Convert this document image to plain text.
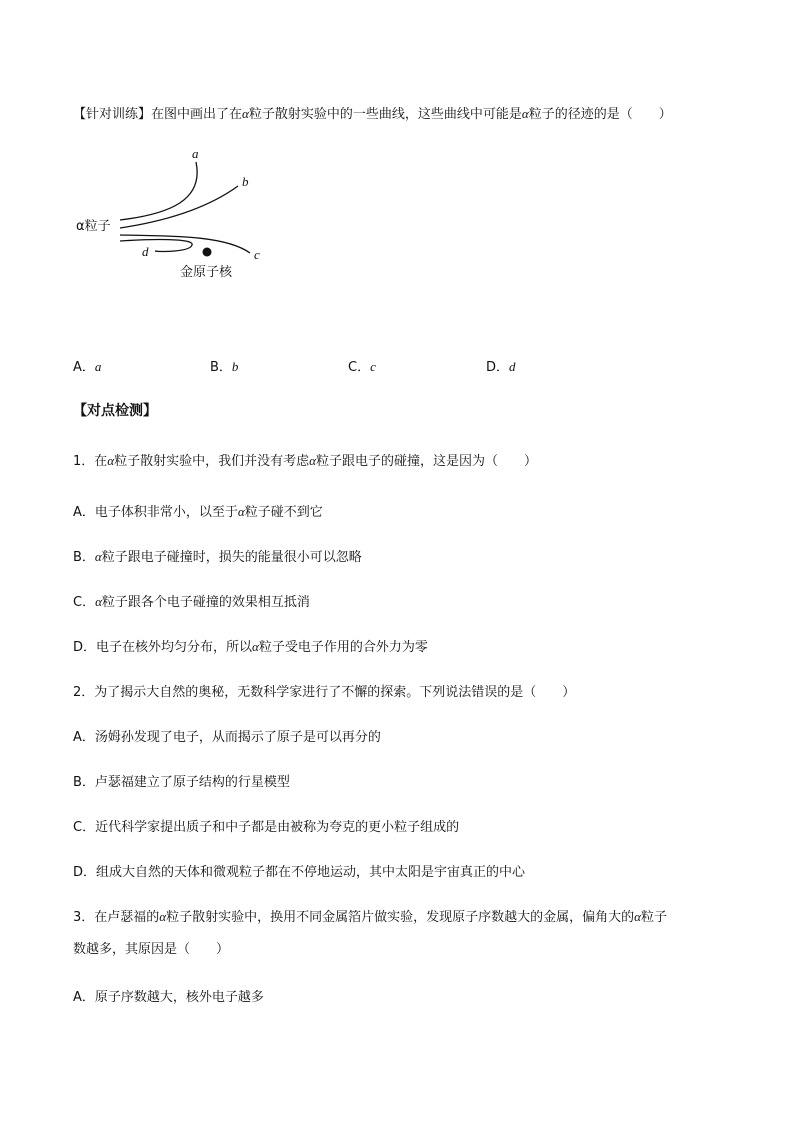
【针对训练】在图中画出了在α粒子散射实验中的一些曲线，这些曲线中可能是α粒子的径迹的是（　　）
a
b
c
d
α粒子
金原子核
A．a	B．b	C．c	D．d
【对点检测】
1．在α粒子散射实验中，我们并没有考虑α粒子跟电子的碰撞，这是因为（　　）
A．电子体积非常小，以至于α粒子碰不到它
B．α粒子跟电子碰撞时，损失的能量很小可以忽略
C．α粒子跟各个电子碰撞的效果相互抵消
D．电子在核外均匀分布，所以α粒子受电子作用的合外力为零
2．为了揭示大自然的奥秘，无数科学家进行了不懈的探索。下列说法错误的是（　　）
A．汤姆孙发现了电子，从而揭示了原子是可以再分的
B．卢瑟福建立了原子结构的行星模型
C．近代科学家提出质子和中子都是由被称为夸克的更小粒子组成的
D．组成大自然的天体和微观粒子都在不停地运动，其中太阳是宇宙真正的中心
3．在卢瑟福的α粒子散射实验中，换用不同金属箔片做实验，发现原子序数越大的金属，偏角大的α粒子
数越多，其原因是（　　）
A．原子序数越大，核外电子越多
